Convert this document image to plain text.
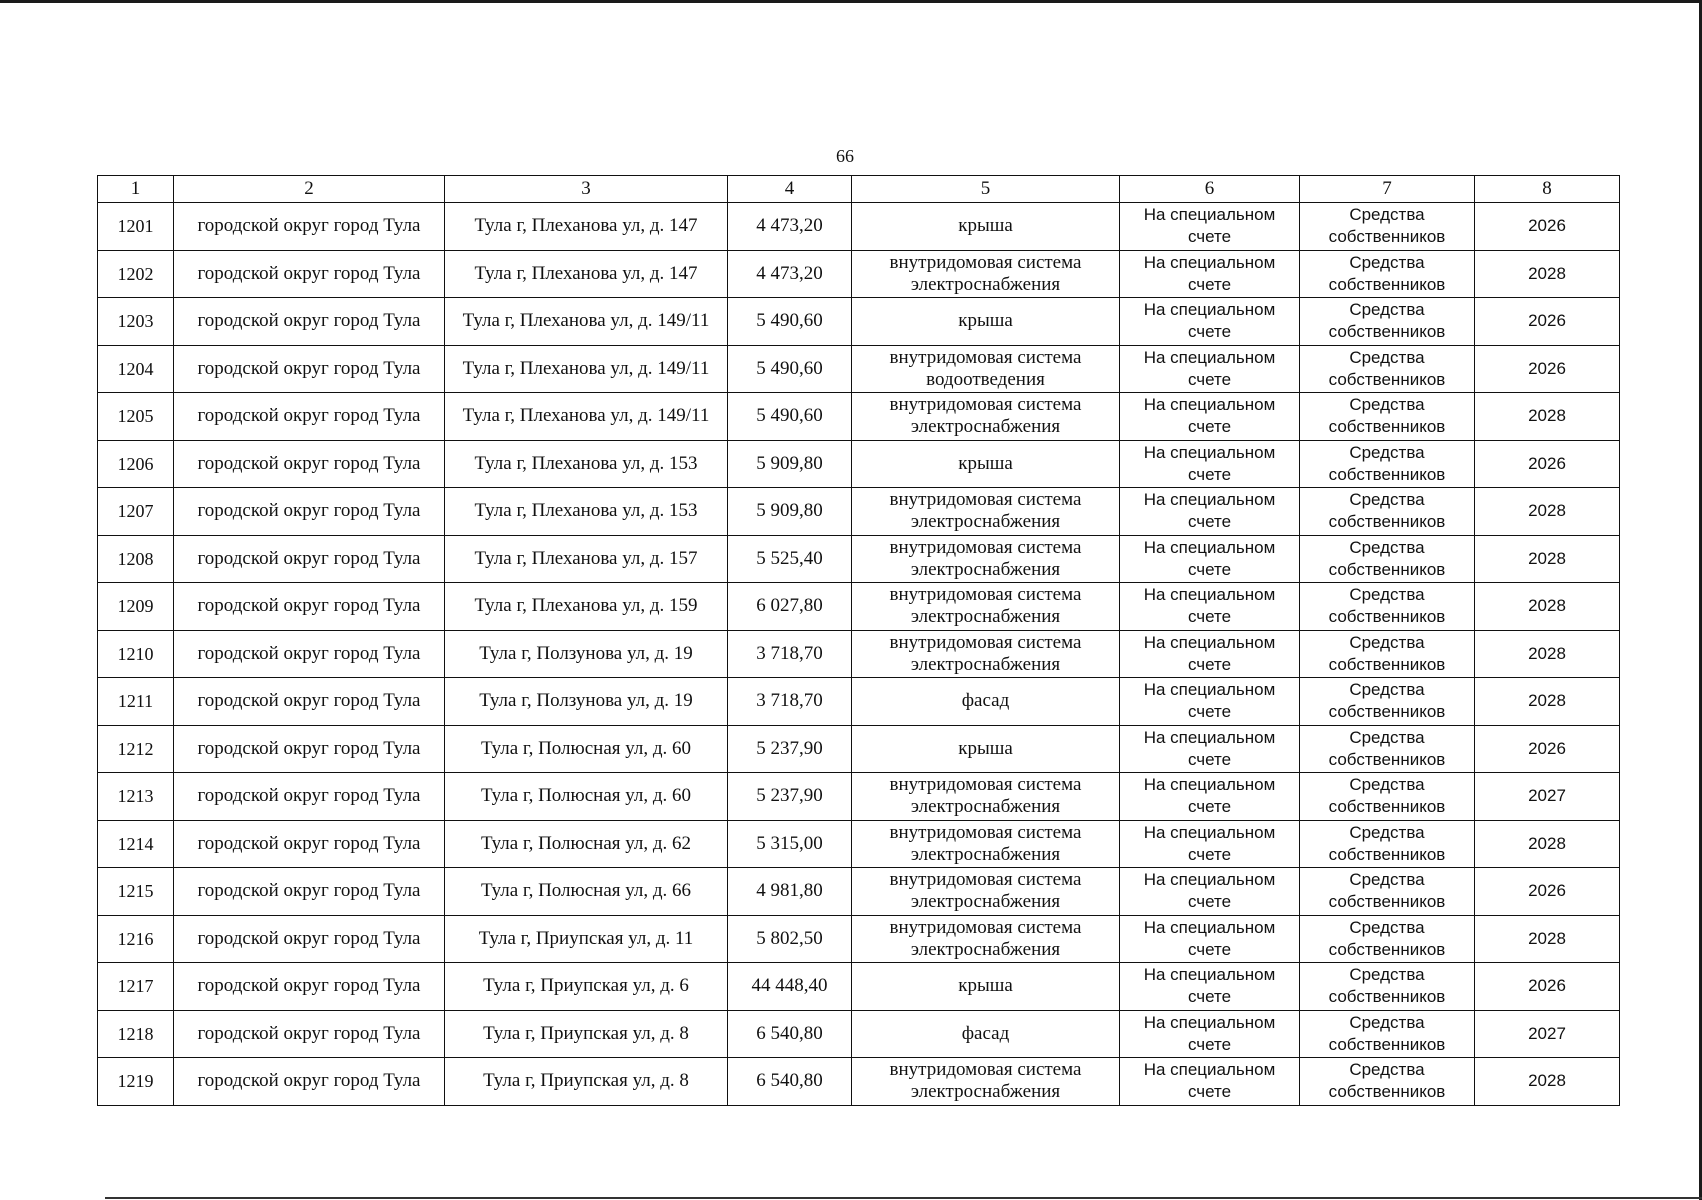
66
1	2	3	4	5	6	7	8
1201	городской округ город Тула	Тула г, Плеханова ул, д. 147	4 473,20	крыша	На специальном счете	Средства собственников	2026
1202	городской округ город Тула	Тула г, Плеханова ул, д. 147	4 473,20	внутридомовая система электроснабжения	На специальном счете	Средства собственников	2028
1203	городской округ город Тула	Тула г, Плеханова ул, д. 149/11	5 490,60	крыша	На специальном счете	Средства собственников	2026
1204	городской округ город Тула	Тула г, Плеханова ул, д. 149/11	5 490,60	внутридомовая система водоотведения	На специальном счете	Средства собственников	2026
1205	городской округ город Тула	Тула г, Плеханова ул, д. 149/11	5 490,60	внутридомовая система электроснабжения	На специальном счете	Средства собственников	2028
1206	городской округ город Тула	Тула г, Плеханова ул, д. 153	5 909,80	крыша	На специальном счете	Средства собственников	2026
1207	городской округ город Тула	Тула г, Плеханова ул, д. 153	5 909,80	внутридомовая система электроснабжения	На специальном счете	Средства собственников	2028
1208	городской округ город Тула	Тула г, Плеханова ул, д. 157	5 525,40	внутридомовая система электроснабжения	На специальном счете	Средства собственников	2028
1209	городской округ город Тула	Тула г, Плеханова ул, д. 159	6 027,80	внутридомовая система электроснабжения	На специальном счете	Средства собственников	2028
1210	городской округ город Тула	Тула г, Ползунова ул, д. 19	3 718,70	внутридомовая система электроснабжения	На специальном счете	Средства собственников	2028
1211	городской округ город Тула	Тула г, Ползунова ул, д. 19	3 718,70	фасад	На специальном счете	Средства собственников	2028
1212	городской округ город Тула	Тула г, Полюсная ул, д. 60	5 237,90	крыша	На специальном счете	Средства собственников	2026
1213	городской округ город Тула	Тула г, Полюсная ул, д. 60	5 237,90	внутридомовая система электроснабжения	На специальном счете	Средства собственников	2027
1214	городской округ город Тула	Тула г, Полюсная ул, д. 62	5 315,00	внутридомовая система электроснабжения	На специальном счете	Средства собственников	2028
1215	городской округ город Тула	Тула г, Полюсная ул, д. 66	4 981,80	внутридомовая система электроснабжения	На специальном счете	Средства собственников	2026
1216	городской округ город Тула	Тула г, Приупская ул, д. 11	5 802,50	внутридомовая система электроснабжения	На специальном счете	Средства собственников	2028
1217	городской округ город Тула	Тула г, Приупская ул, д. 6	44 448,40	крыша	На специальном счете	Средства собственников	2026
1218	городской округ город Тула	Тула г, Приупская ул, д. 8	6 540,80	фасад	На специальном счете	Средства собственников	2027
1219	городской округ город Тула	Тула г, Приупская ул, д. 8	6 540,80	внутридомовая система электроснабжения	На специальном счете	Средства собственников	2028
